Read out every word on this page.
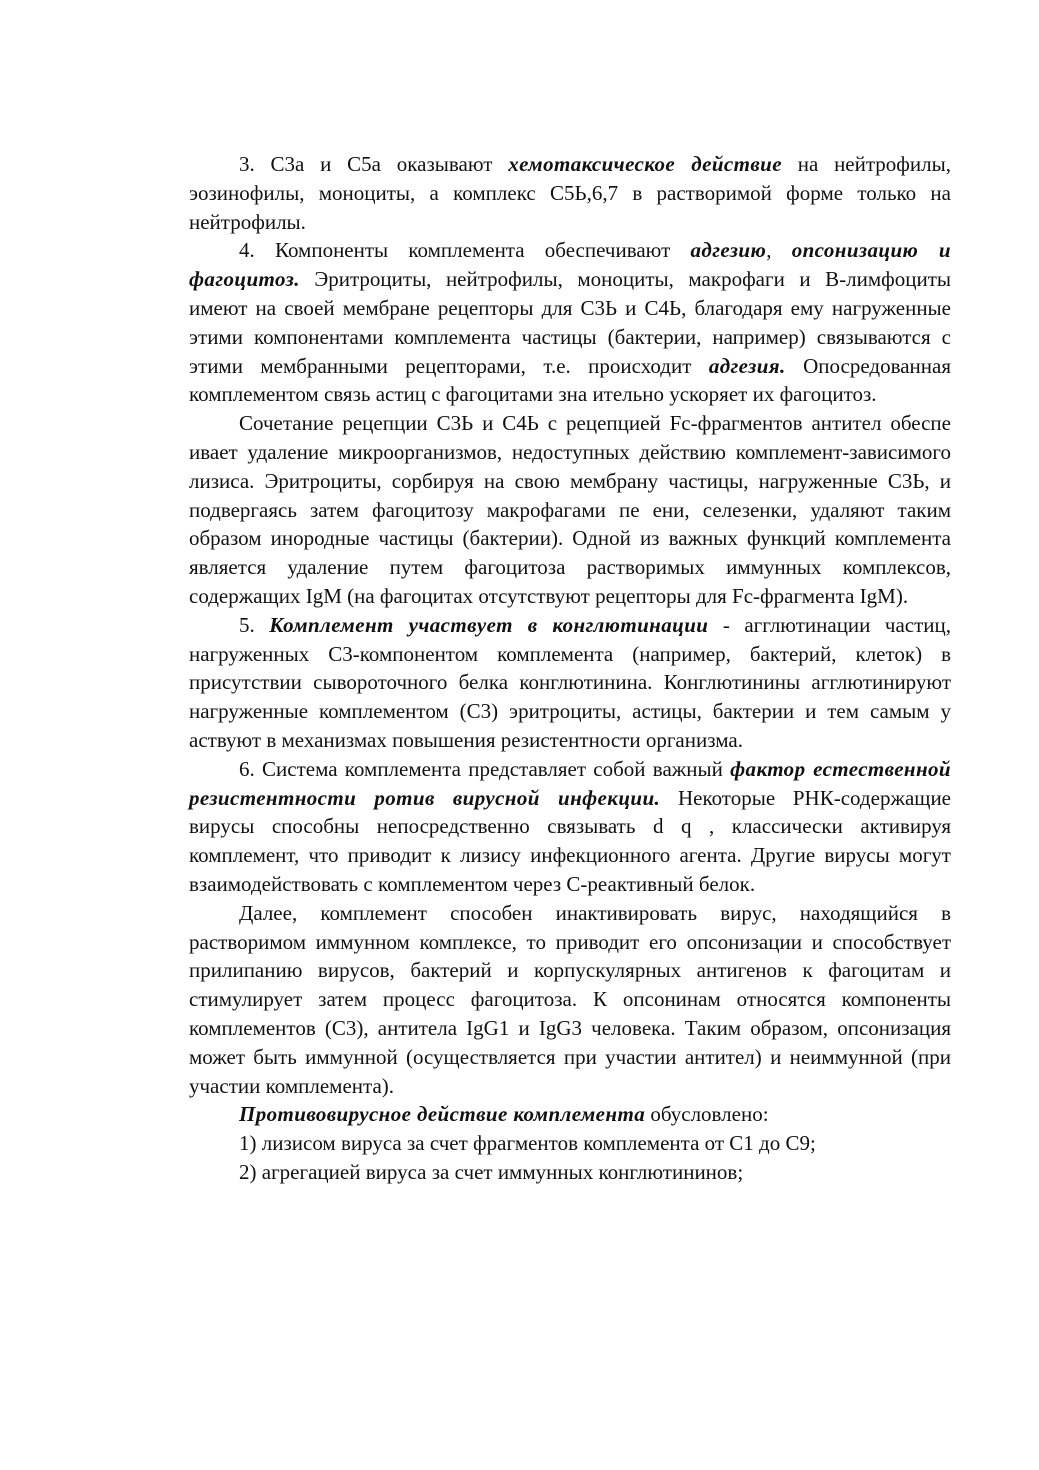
3. С3а и С5а оказывают хемотаксическое действие на нейтрофилы, эозинофилы, моноциты, а комплекс С5Ь,6,7 в растворимой форме только на нейтрофилы.

4. Компоненты комплемента обеспечивают адгезию, опсонизацию и фагоцитоз. Эритроциты, нейтрофилы, моноциты, макрофаги и В-лимфоциты имеют на своей мембране рецепторы для С3Ь и С4Ь, благодаря ему нагруженные этими компонентами комплемента частицы (бактерии, например) связываются с этими мембранными рецепторами, т.е. происходит адгезия. Опосредованная комплементом связь астиц с фагоцитами зна ительно ускоряет их фагоцитоз.

Сочетание рецепции С3Ь и С4Ь с рецепцией Fc-фрагментов антител обеспе ивает удаление микроорганизмов, недоступных действию комплемент-зависимого лизиса. Эритроциты, сорбируя на свою мембрану частицы, нагруженные С3Ь, и подвергаясь затем фагоцитозу макрофагами пе ени, селезенки, удаляют таким образом инородные частицы (бактерии). Одной из важных функций комплемента является удаление путем фагоцитоза растворимых иммунных комплексов, содержащих IgM (на фагоцитах отсутствуют рецепторы для Fc-фрагмента IgM).

5. Комплемент участвует в конглютинации - агглютинации частиц, нагруженных С3-компонентом комплемента (например, бактерий, клеток) в присутствии сывороточного белка конглютинина. Конглютинины агглютинируют нагруженные комплементом (С3) эритроциты, астицы, бактерии и тем самым у аствуют в механизмах повышения резистентности организма.

6. Система комплемента представляет собой важный фактор естественной резистентности ротив вирусной инфекции. Некоторые РНК-содержащие вирусы способны непосредственно связывать d q , классически активируя комплемент, что приводит к лизису инфекционного агента. Другие вирусы могут взаимодействовать с комплементом через С-реактивный белок.

Далее, комплемент способен инактивировать вирус, находящийся в растворимом иммунном комплексе, то приводит его опсонизации и способствует прилипанию вирусов, бактерий и корпускулярных антигенов к фагоцитам и стимулирует затем процесс фагоцитоза. К опсонинам относятся компоненты комплементов (С3), антитела IgG1 и IgG3 человека. Таким образом, опсонизация может быть иммунной (осуществляется при участии антител) и неиммунной (при участии комплемента).

Противовирусное действие комплемента обусловлено:

1) лизисом вируса за счет фрагментов комплемента от С1 до С9;

2) агрегацией вируса за счет иммунных конглютининов;
